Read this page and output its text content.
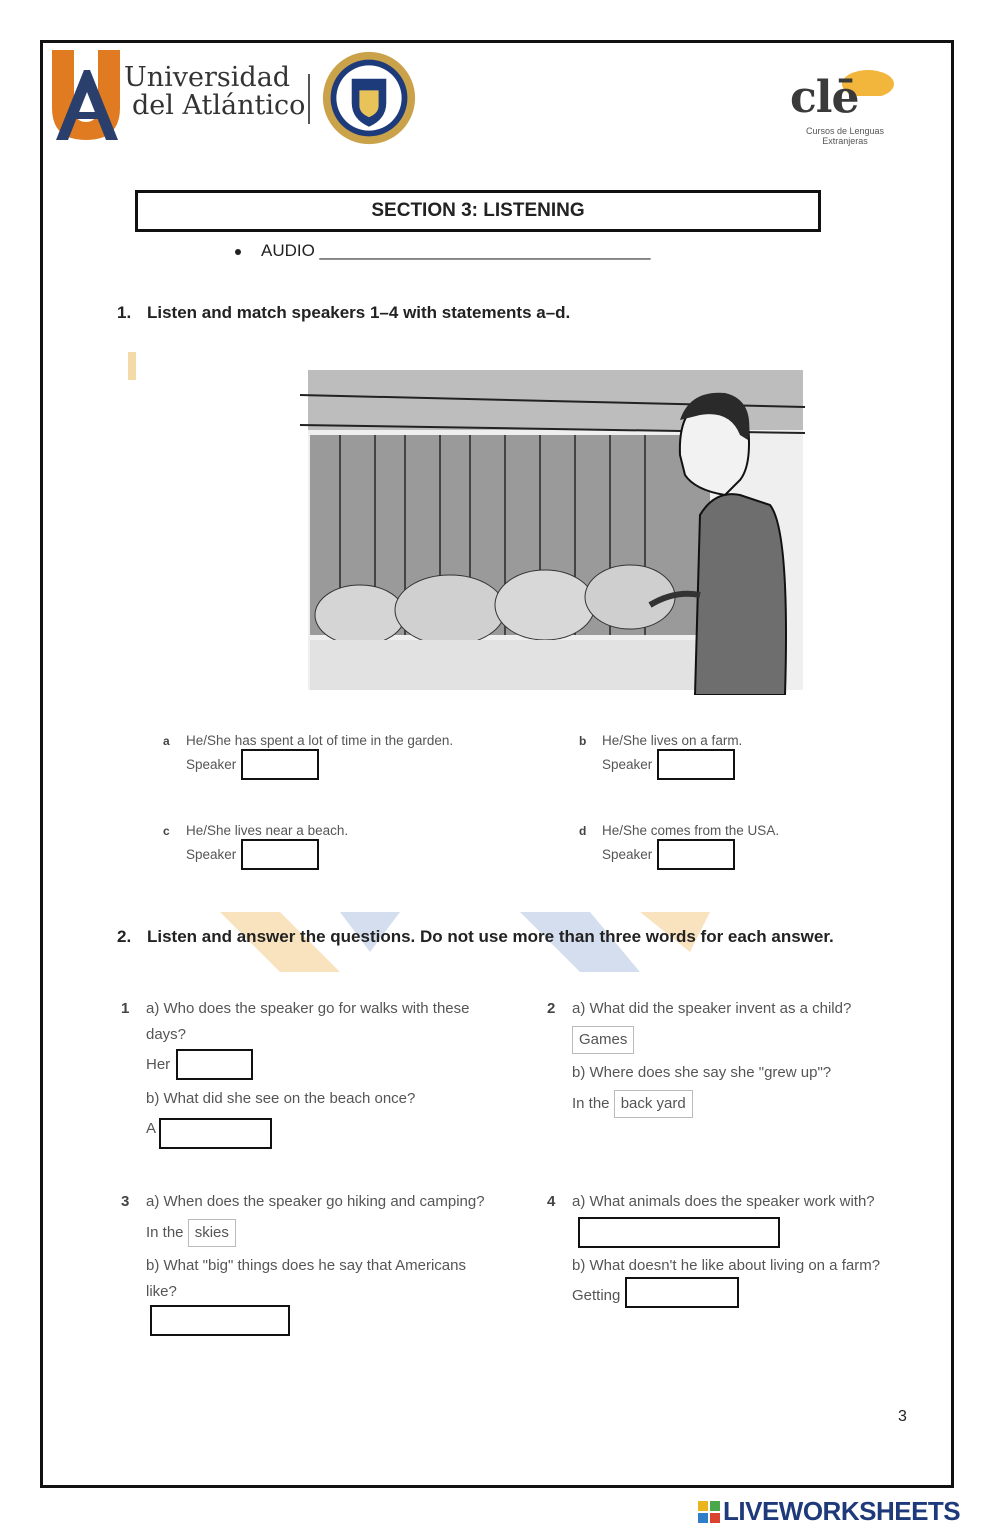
Universidad
del Atlántico	clē
Cursos de Lenguas Extranjeras
SECTION 3: LISTENING
AUDIO ___________________________________
1. Listen and match speakers 1–4 with statements a–d.
a He/She has spent a lot of time in the garden.
Speaker
b He/She lives on a farm.
Speaker
c He/She lives near a beach.
Speaker
d He/She comes from the USA.
Speaker
2. Listen and answer the questions. Do not use more than three words for each answer.
1 a) Who does the speaker go for walks with these
days?
Her
b) What did she see on the beach once?
A
2 a) What did the speaker invent as a child?
Games
b) Where does she say she "grew up"?
In the back yard
3 a) When does the speaker go hiking and camping?
In the skies
b) What "big" things does he say that Americans
like?
4 a) What animals does the speaker work with?
b) What doesn't he like about living on a farm?
Getting
3
LIVEWORKSHEETS
